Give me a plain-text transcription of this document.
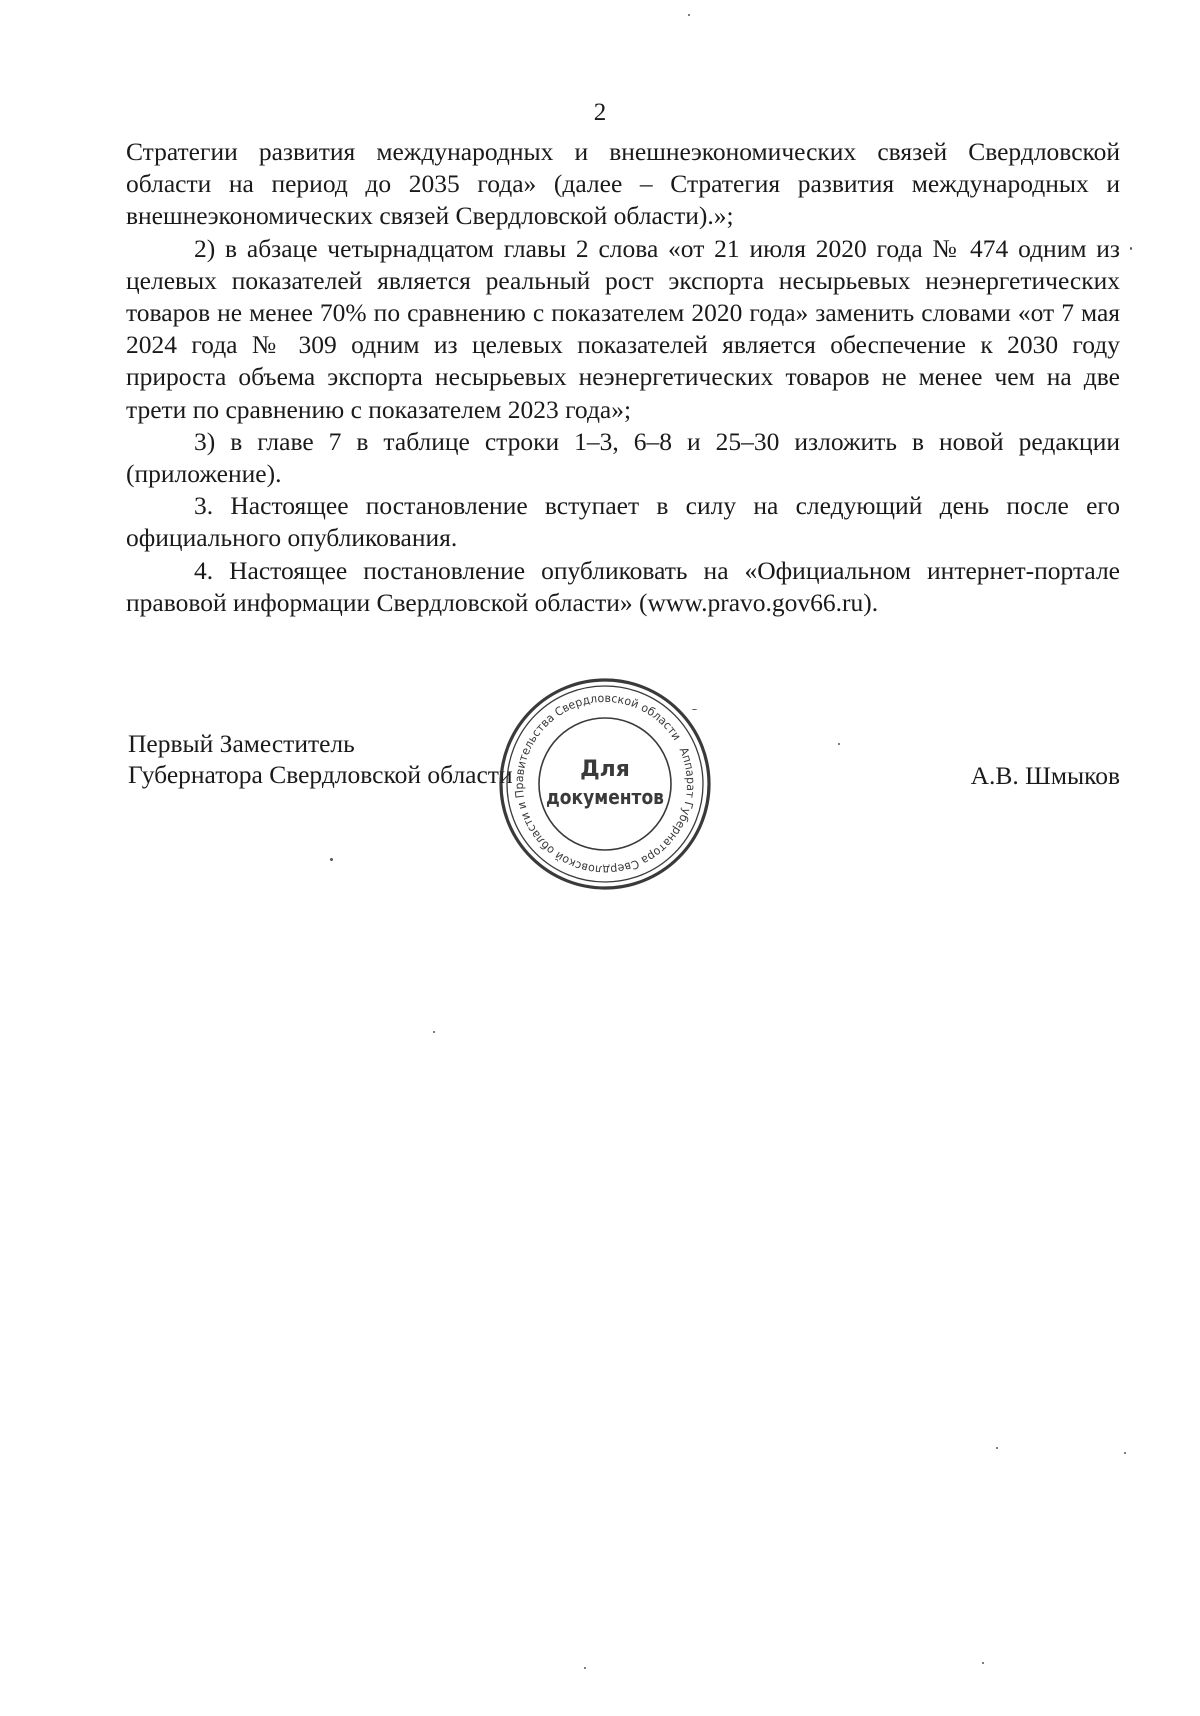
2

Стратегии развития международных и внешнеэкономических связей Свердловской области на период до 2035 года» (далее – Стратегия развития международных и внешнеэкономических связей Свердловской области).»;

2) в абзаце четырнадцатом главы 2 слова «от 21 июля 2020 года № 474 одним из целевых показателей является реальный рост экспорта несырьевых неэнергетических товаров не менее 70% по сравнению с показателем 2020 года» заменить словами «от 7 мая 2024 года № 309 одним из целевых показателей является обеспечение к 2030 году прироста объема экспорта несырьевых неэнергетических товаров не менее чем на две трети по сравнению с показателем 2023 года»;

3) в главе 7 в таблице строки 1–3, 6–8 и 25–30 изложить в новой редакции (приложение).

3. Настоящее постановление вступает в силу на следующий день после его официального опубликования.

4. Настоящее постановление опубликовать на «Официальном интернет-портале правовой информации Свердловской области» (www.pravo.gov66.ru).

Первый Заместитель
Губернатора Свердловской области
Аппарат Губернатора Свердловской области и Правительства Свердловской области
Для
документов
А.В. Шмыков
